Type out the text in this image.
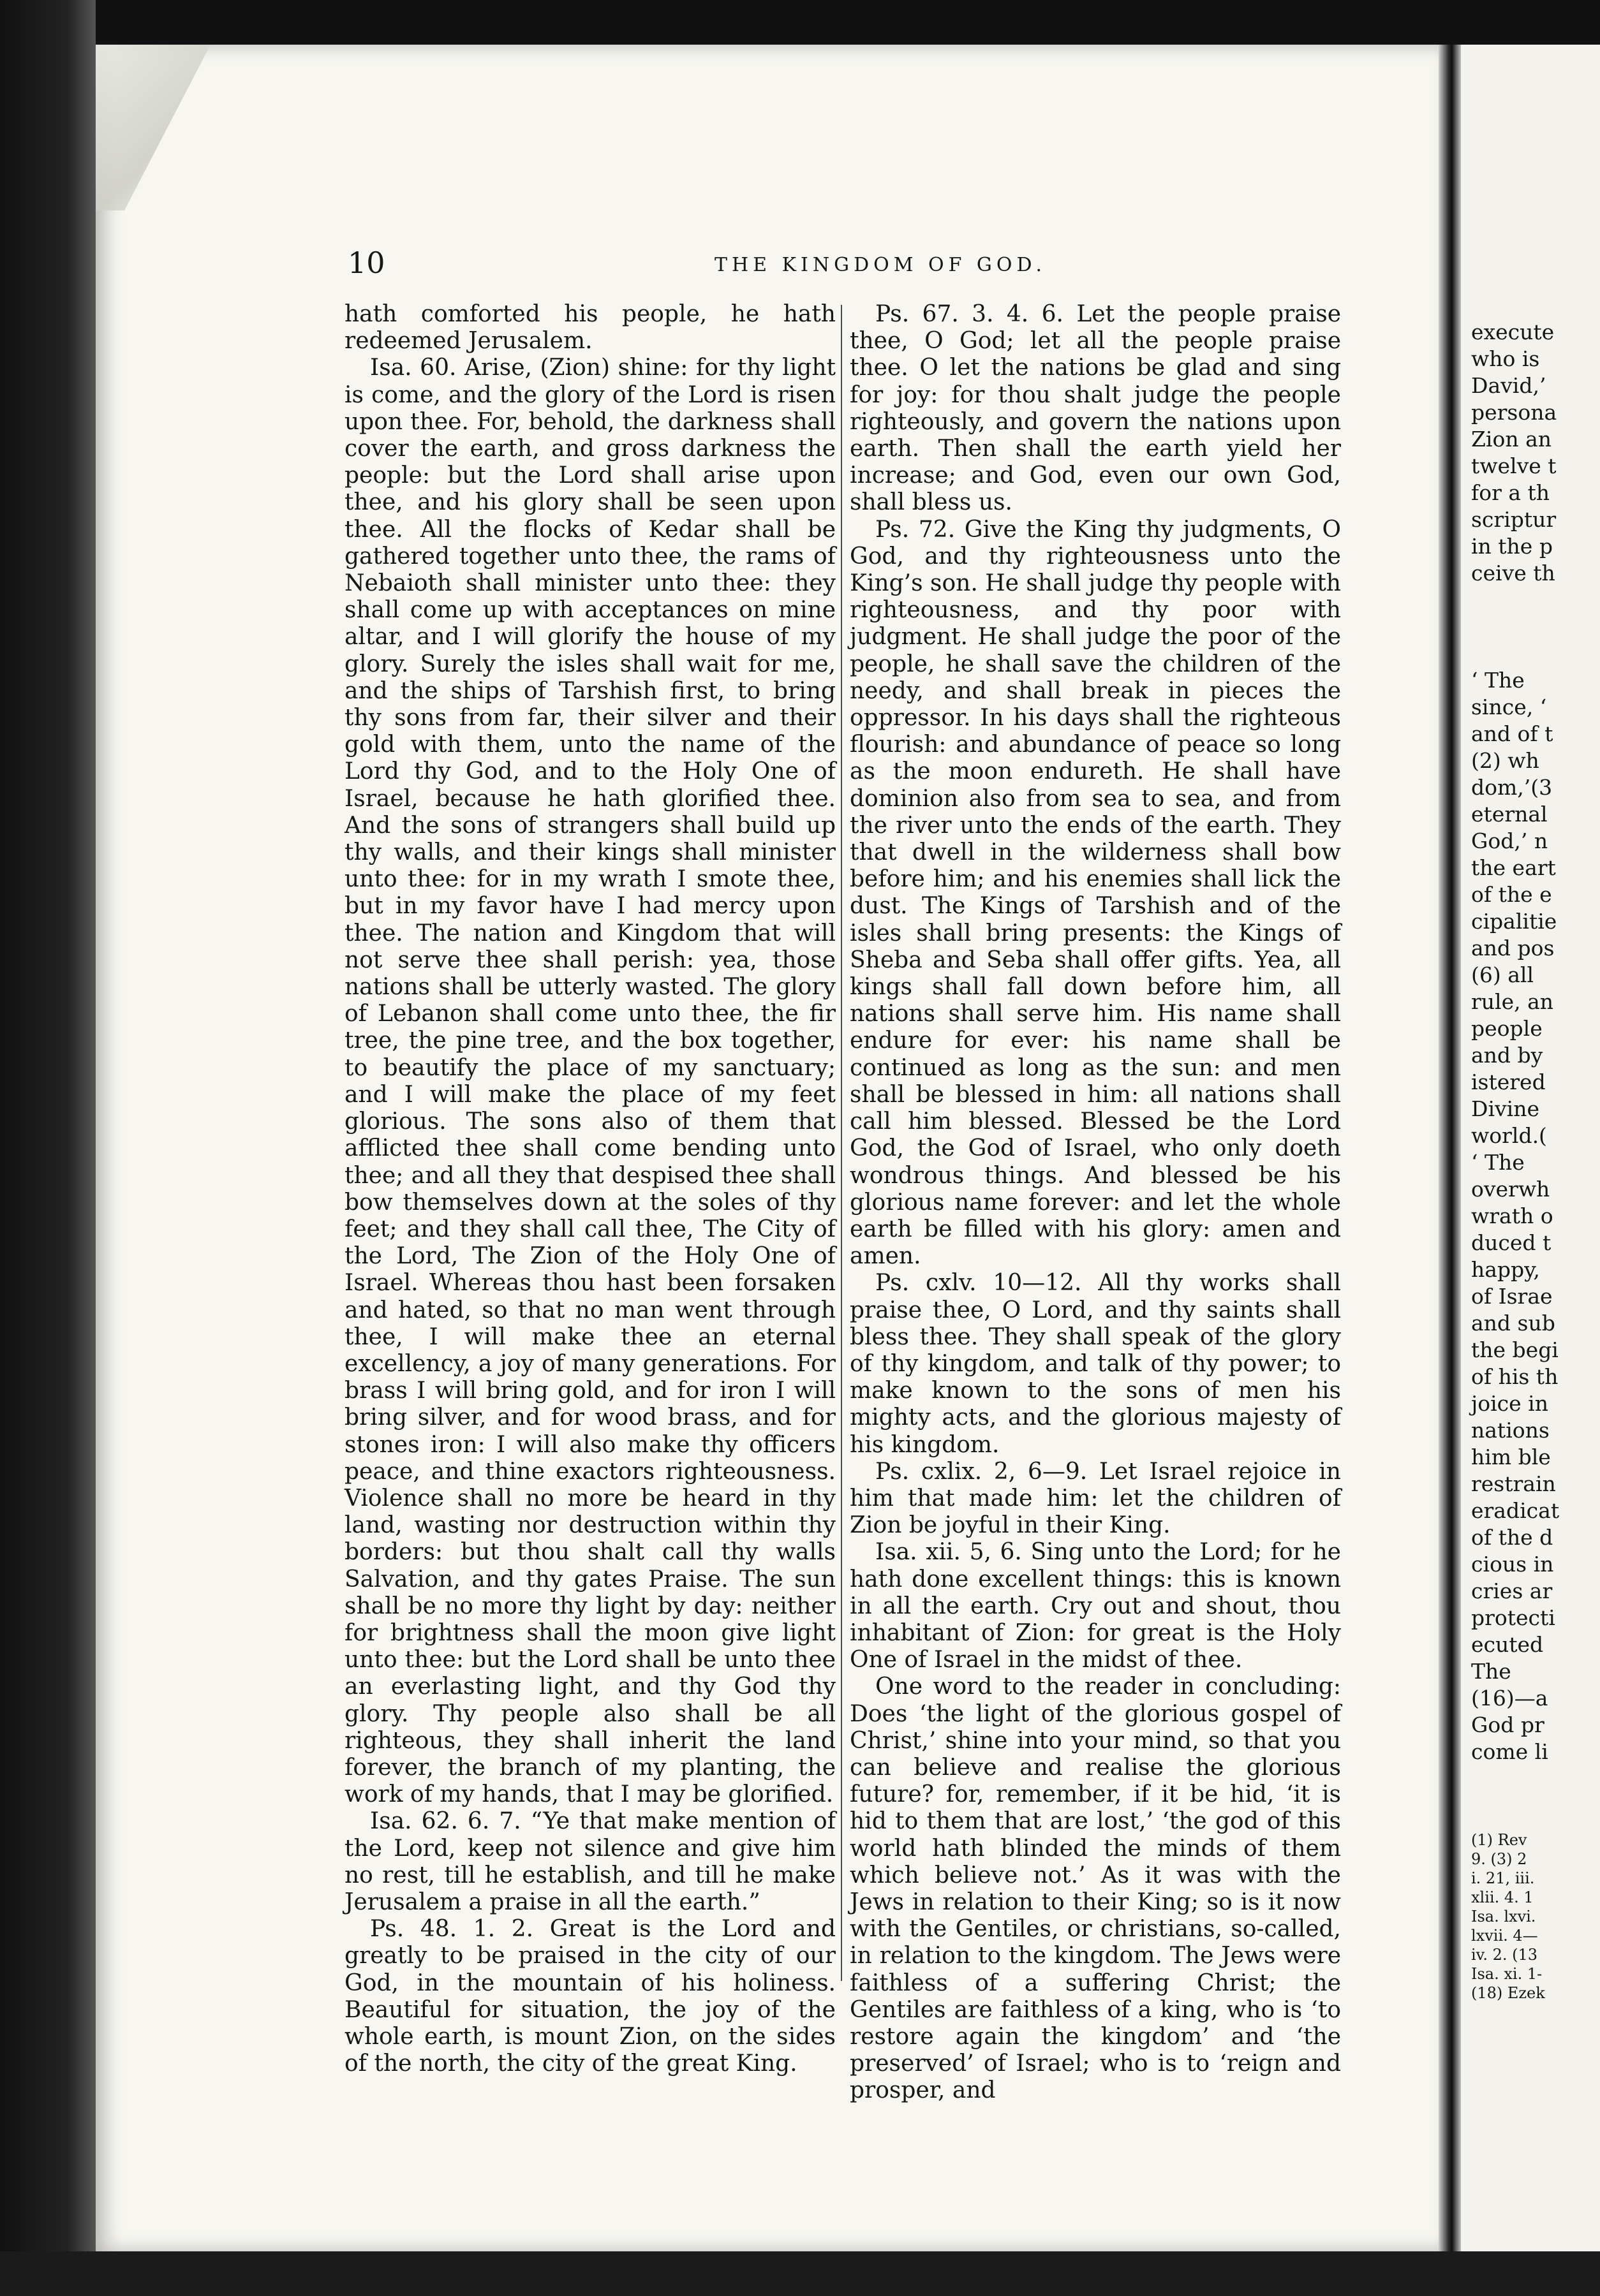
10	THE KINGDOM OF GOD.

hath comforted his people, he hath redeemed Jerusalem.

Isa. 60. Arise, (Zion) shine: for thy light is come, and the glory of the Lord is risen upon thee. For, behold, the darkness shall cover the earth, and gross darkness the people: but the Lord shall arise upon thee, and his glory shall be seen upon thee. All the flocks of Kedar shall be gathered together unto thee, the rams of Nebaioth shall minister unto thee: they shall come up with acceptances on mine altar, and I will glorify the house of my glory. Surely the isles shall wait for me, and the ships of Tarshish first, to bring thy sons from far, their silver and their gold with them, unto the name of the Lord thy God, and to the Holy One of Israel, because he hath glorified thee. And the sons of strangers shall build up thy walls, and their kings shall minister unto thee: for in my wrath I smote thee, but in my favor have I had mercy upon thee. The nation and Kingdom that will not serve thee shall perish: yea, those nations shall be utterly wasted. The glory of Lebanon shall come unto thee, the fir tree, the pine tree, and the box together, to beautify the place of my sanctuary; and I will make the place of my feet glorious. The sons also of them that afflicted thee shall come bending unto thee; and all they that despised thee shall bow themselves down at the soles of thy feet; and they shall call thee, The City of the Lord, The Zion of the Holy One of Israel. Whereas thou hast been forsaken and hated, so that no man went through thee, I will make thee an eternal excellency, a joy of many generations. For brass I will bring gold, and for iron I will bring silver, and for wood brass, and for stones iron: I will also make thy officers peace, and thine exactors righteousness. Violence shall no more be heard in thy land, wasting nor destruction within thy borders: but thou shalt call thy walls Salvation, and thy gates Praise. The sun shall be no more thy light by day: neither for brightness shall the moon give light unto thee: but the Lord shall be unto thee an everlasting light, and thy God thy glory. Thy people also shall be all righteous, they shall inherit the land forever, the branch of my planting, the work of my hands, that I may be glorified.

Isa. 62. 6. 7. “Ye that make mention of the Lord, keep not silence and give him no rest, till he establish, and till he make Jerusalem a praise in all the earth.”

Ps. 48. 1. 2. Great is the Lord and greatly to be praised in the city of our God, in the mountain of his holiness. Beautiful for situation, the joy of the whole earth, is mount Zion, on the sides of the north, the city of the great King.

Ps. 67. 3. 4. 6. Let the people praise thee, O God; let all the people praise thee. O let the nations be glad and sing for joy: for thou shalt judge the people righteously, and govern the nations upon earth. Then shall the earth yield her increase; and God, even our own God, shall bless us.

Ps. 72. Give the King thy judgments, O God, and thy righteousness unto the King’s son. He shall judge thy people with righteousness, and thy poor with judgment. He shall judge the poor of the people, he shall save the children of the needy, and shall break in pieces the oppressor. In his days shall the righteous flourish: and abundance of peace so long as the moon endureth. He shall have dominion also from sea to sea, and from the river unto the ends of the earth. They that dwell in the wilderness shall bow before him; and his enemies shall lick the dust. The Kings of Tarshish and of the isles shall bring presents: the Kings of Sheba and Seba shall offer gifts. Yea, all kings shall fall down before him, all nations shall serve him. His name shall endure for ever: his name shall be continued as long as the sun: and men shall be blessed in him: all nations shall call him blessed. Blessed be the Lord God, the God of Israel, who only doeth wondrous things. And blessed be his glorious name forever: and let the whole earth be filled with his glory: amen and amen.

Ps. cxlv. 10—12. All thy works shall praise thee, O Lord, and thy saints shall bless thee. They shall speak of the glory of thy kingdom, and talk of thy power; to make known to the sons of men his mighty acts, and the glorious majesty of his kingdom.

Ps. cxlix. 2, 6—9. Let Israel rejoice in him that made him: let the children of Zion be joyful in their King.

Isa. xii. 5, 6. Sing unto the Lord; for he hath done excellent things: this is known in all the earth. Cry out and shout, thou inhabitant of Zion: for great is the Holy One of Israel in the midst of thee.

One word to the reader in concluding: Does ‘the light of the glorious gospel of Christ,’ shine into your mind, so that you can believe and realise the glorious future? for, remember, if it be hid, ‘it is hid to them that are lost,’ ‘the god of this world hath blinded the minds of them which believe not.’ As it was with the Jews in relation to their King; so is it now with the Gentiles, or christians, so-called, in relation to the kingdom. The Jews were faithless of a suffering Christ; the Gentiles are faithless of a king, who is ‘to restore again the kingdom’ and ‘the preserved’ of Israel; who is to ‘reign and prosper, and

execute
who is
David,’
persona
Zion an
twelve t
for a th
scriptur
in the p
ceive th
‘ The
since, ‘
and of t
(2) wh
dom,’(3
eternal
God,’ n
the eart
of the e
cipalitie
and pos
(6) all
rule, an
people
and by
istered
Divine
world.(
‘ The
overwh
wrath o
duced t
happy,
of Israe
and sub
the begi
of his th
joice in
nations
him ble
restrain
eradicat
of the d
cious in
cries ar
protecti
ecuted
The
(16)—a
God pr
come li
(1) Rev
9. (3) 2
i. 21, iii.
xlii. 4. 1
Isa. lxvi.
lxvii. 4—
iv. 2. (13
Isa. xi. 1-
(18) Ezek
